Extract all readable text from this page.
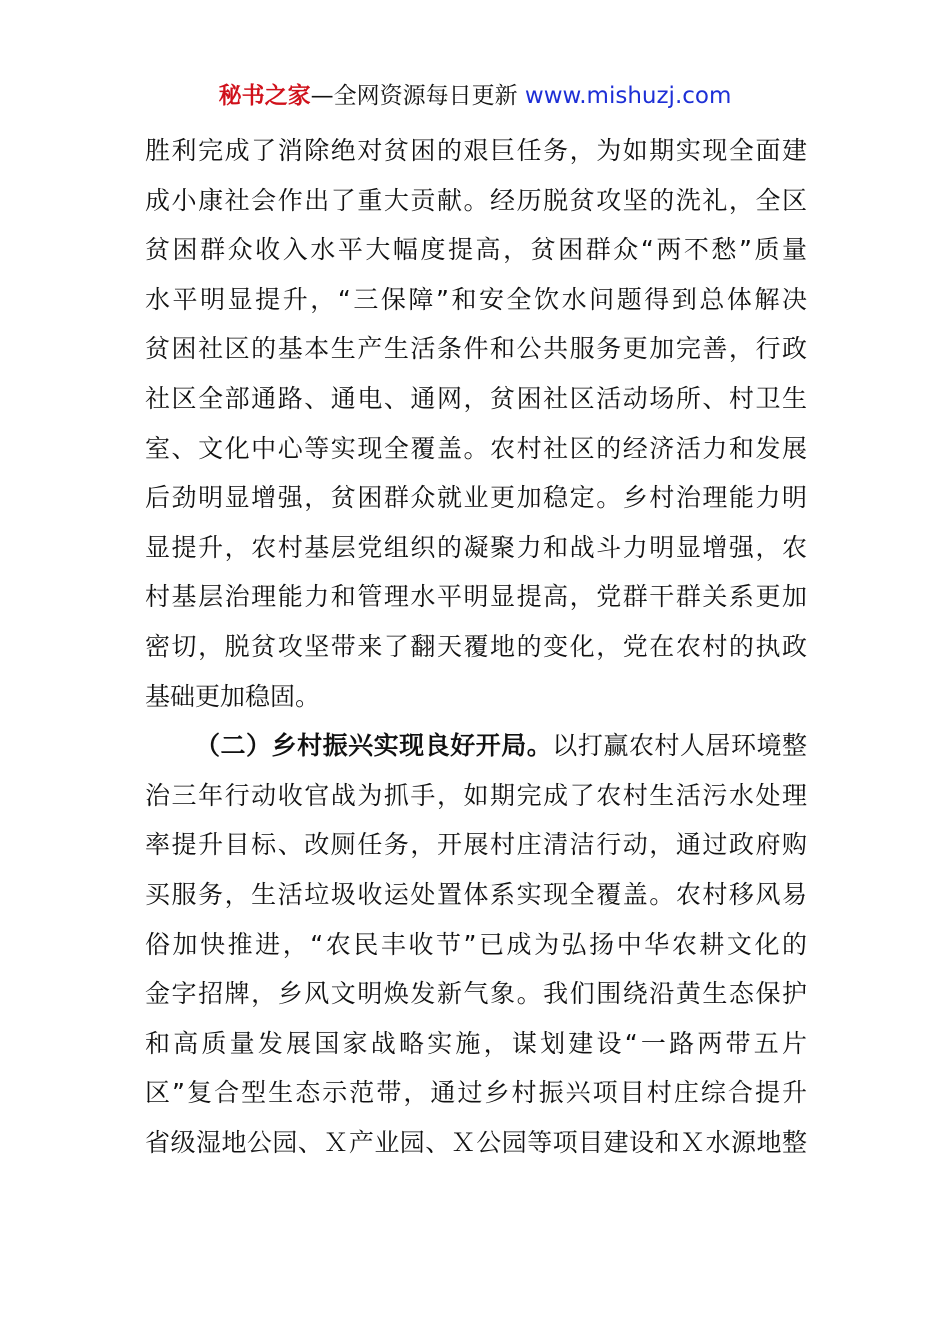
秘书之家—全网资源每日更新 www.mishuzj.com
胜利完成了消除绝对贫困的艰巨任务，为如期实现全面建
成小康社会作出了重大贡献。经历脱贫攻坚的洗礼，全区
贫困群众收入水平大幅度提高，贫困群众“两不愁”质量
水平明显提升，“三保障”和安全饮水问题得到总体解决
贫困社区的基本生产生活条件和公共服务更加完善，行政
社区全部通路、通电、通网，贫困社区活动场所、村卫生
室、文化中心等实现全覆盖。农村社区的经济活力和发展
后劲明显增强，贫困群众就业更加稳定。乡村治理能力明
显提升，农村基层党组织的凝聚力和战斗力明显增强，农
村基层治理能力和管理水平明显提高，党群干群关系更加
密切，脱贫攻坚带来了翻天覆地的变化，党在农村的执政
基础更加稳固。
（二）乡村振兴实现良好开局。以打赢农村人居环境整
治三年行动收官战为抓手，如期完成了农村生活污水处理
率提升目标、改厕任务，开展村庄清洁行动，通过政府购
买服务，生活垃圾收运处置体系实现全覆盖。农村移风易
俗加快推进，“农民丰收节”已成为弘扬中华农耕文化的
金字招牌，乡风文明焕发新气象。我们围绕沿黄生态保护
和高质量发展国家战略实施，谋划建设“一路两带五片
区”复合型生态示范带，通过乡村振兴项目村庄综合提升
省级湿地公园、Ｘ产业园、Ｘ公园等项目建设和Ｘ水源地整
